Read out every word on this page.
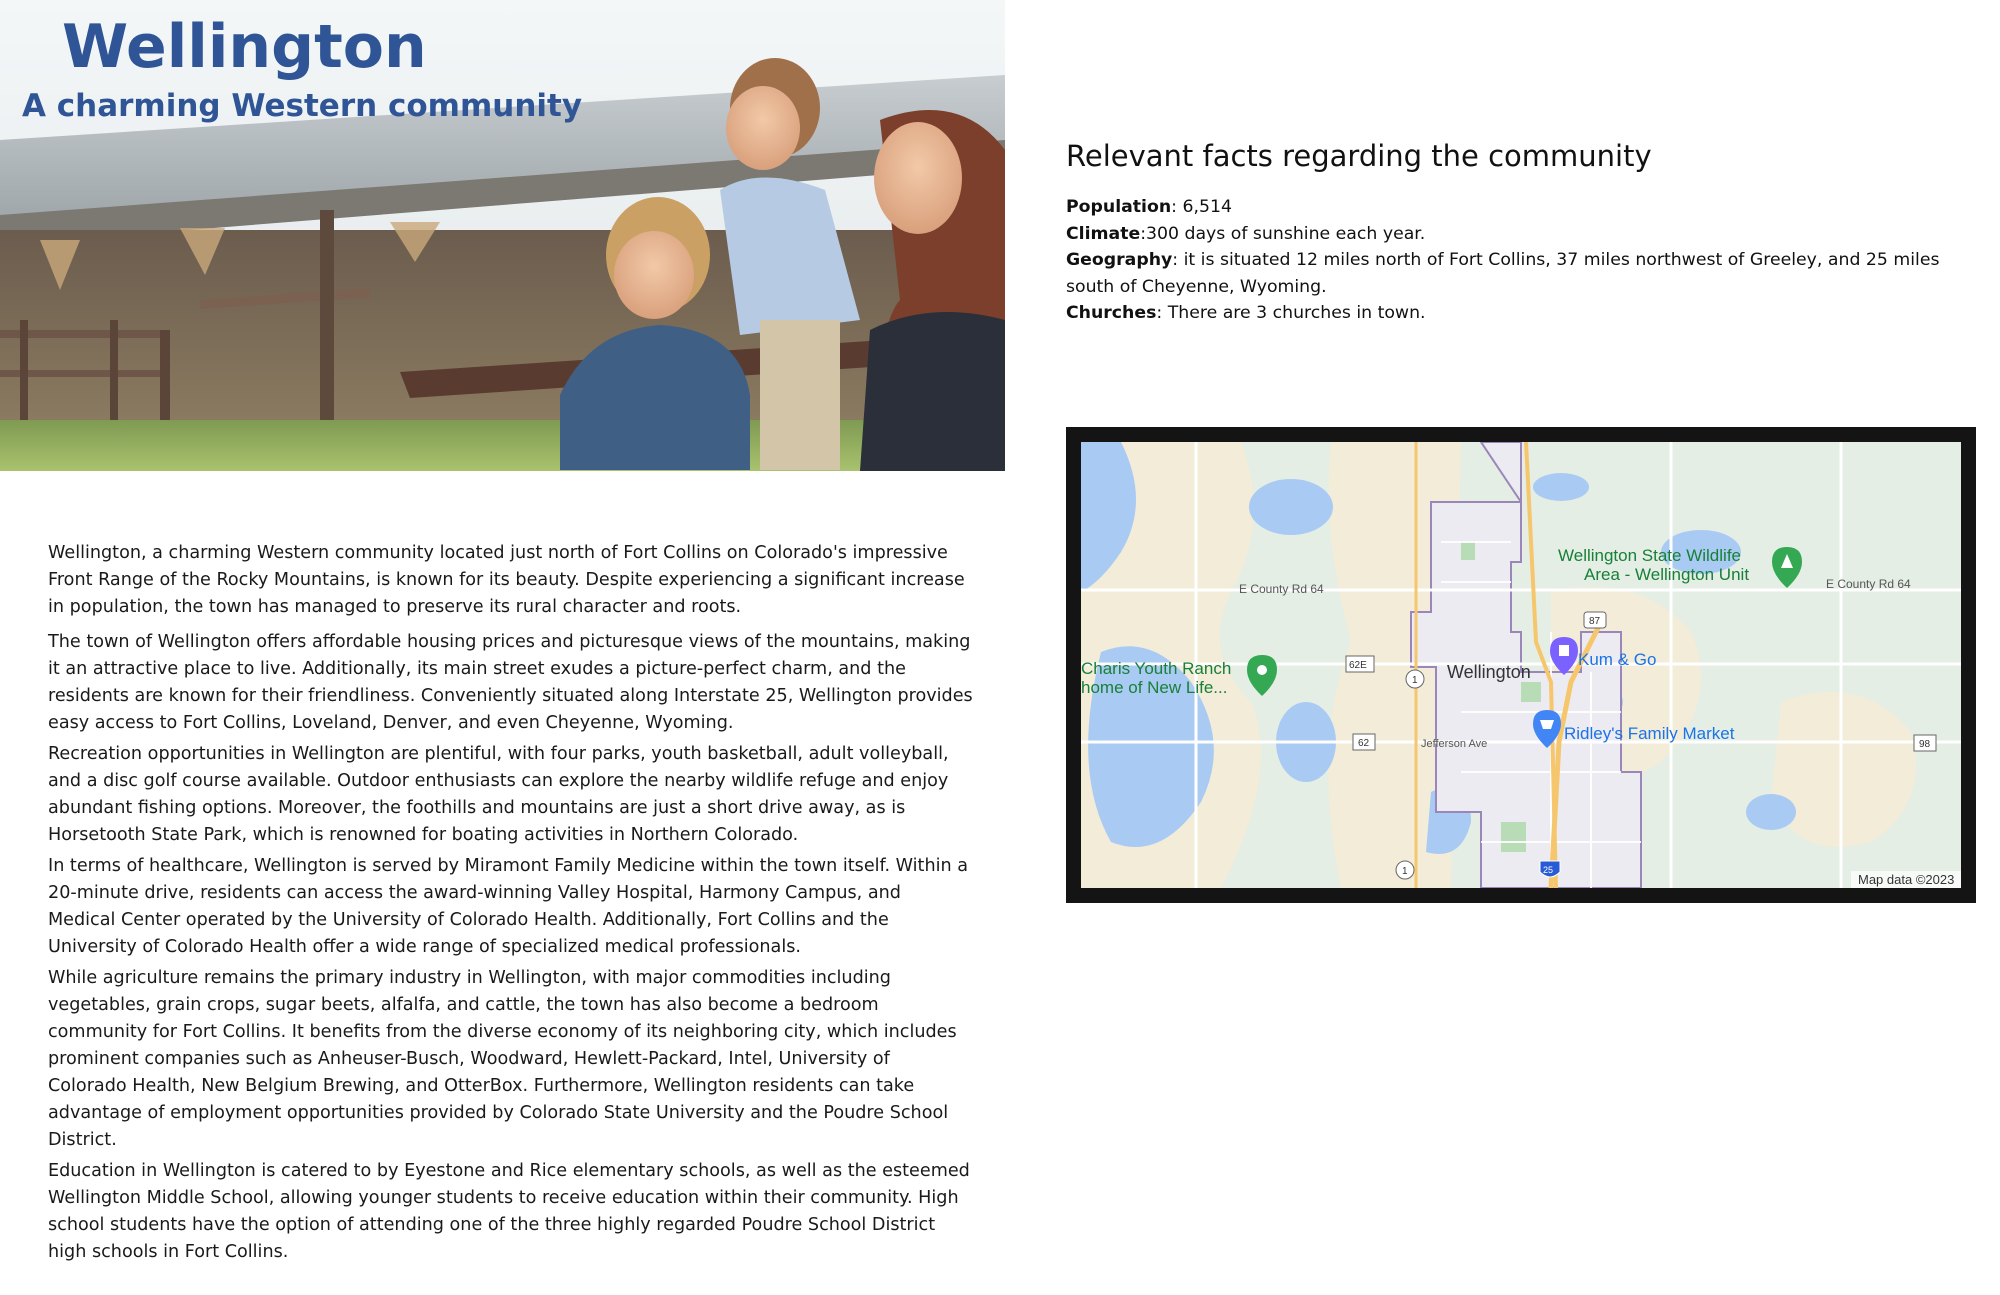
Wellington
A charming Western community

Wellington, a charming Western community located just north of Fort Collins on Colorado's impressive Front Range of the Rocky Mountains, is known for its beauty. Despite experiencing a significant increase in population, the town has managed to preserve its rural character and roots.

The town of Wellington offers affordable housing prices and picturesque views of the mountains, making it an attractive place to live. Additionally, its main street exudes a picture-perfect charm, and the residents are known for their friendliness. Conveniently situated along Interstate 25, Wellington provides easy access to Fort Collins, Loveland, Denver, and even Cheyenne, Wyoming.

Recreation opportunities in Wellington are plentiful, with four parks, youth basketball, adult volleyball, and a disc golf course available. Outdoor enthusiasts can explore the nearby wildlife refuge and enjoy abundant fishing options. Moreover, the foothills and mountains are just a short drive away, as is Horsetooth State Park, which is renowned for boating activities in Northern Colorado.

In terms of healthcare, Wellington is served by Miramont Family Medicine within the town itself. Within a 20-minute drive, residents can access the award-winning Valley Hospital, Harmony Campus, and Medical Center operated by the University of Colorado Health. Additionally, Fort Collins and the University of Colorado Health offer a wide range of specialized medical professionals.

While agriculture remains the primary industry in Wellington, with major commodities including vegetables, grain crops, sugar beets, alfalfa, and cattle, the town has also become a bedroom community for Fort Collins. It benefits from the diverse economy of its neighboring city, which includes prominent companies such as Anheuser-Busch, Woodward, Hewlett-Packard, Intel, University of Colorado Health, New Belgium Brewing, and OtterBox. Furthermore, Wellington residents can take advantage of employment opportunities provided by Colorado State University and the Poudre School District.

Education in Wellington is catered to by Eyestone and Rice elementary schools, as well as the esteemed Wellington Middle School, allowing younger students to receive education within their community. High school students have the option of attending one of the three highly regarded Poudre School District high schools in Fort Collins.

Relevant facts regarding the community
Population: 6,514
Climate:300 days of sunshine each year.
Geography: it is situated 12 miles north of Fort Collins, 37 miles northwest of Greeley, and 25 miles south of Cheyenne, Wyoming.
Churches: There are 3 churches in town.
E County Rd 64	E County Rd 64
Wellington State Wildlife
Area - Wellington Unit
Charis Youth Ranch
home of New Life...
Wellington
Kum & Go
Ridley's Family Market
Jefferson Ave
87
62E
62
1
1
98
25
Map data ©2023
